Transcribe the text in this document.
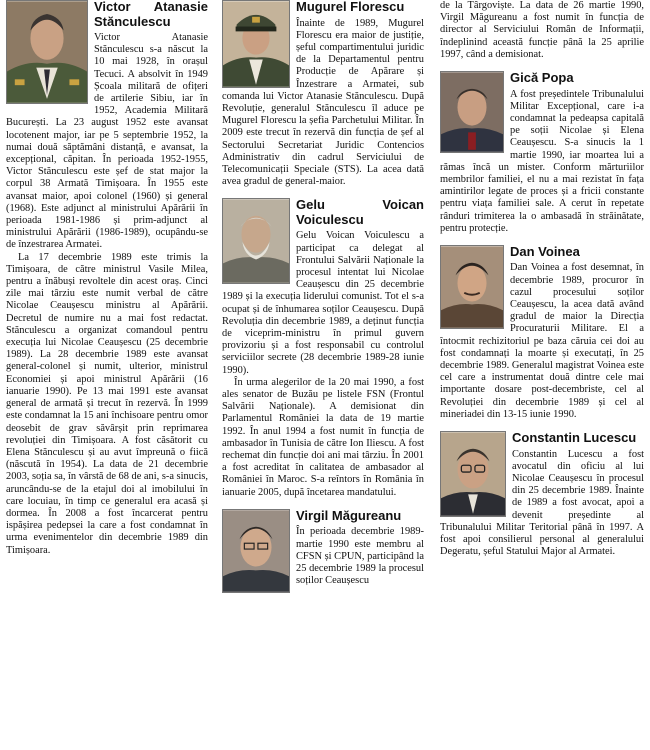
Victor Atanasie Stănculescu

Victor Atanasie Stănculescu s-a născut la 10 mai 1928, în orașul Tecuci. A absolvit în 1949 Școala militară de ofițeri de artilerie Sibiu, iar în 1952, Academia Militară București. La 23 august 1952 este avansat locotenent major, iar pe 5 septembrie 1952, la numai două săptămâni distanță, e avansat, la excepțional, căpitan. În perioada 1952-1955, Victor Stănculescu este șef de stat major la corpul 38 Armată Timișoara. În 1955 este avansat maior, apoi colonel (1960) și general (1968). Este adjunct al ministrului Apărării în perioada 1981-1986 și prim-adjunct al ministrului Apărării (1986-1989), ocupându-se de înzestrarea Armatei.

La 17 decembrie 1989 este trimis la Timișoara, de către ministrul Vasile Milea, pentru a înăbuși revoltele din acest oraș. Cinci zile mai târziu este numit verbal de către Nicolae Ceaușescu ministru al Apărării. Decretul de numire nu a mai fost redactat. Stănculescu a organizat comandoul pentru execuția lui Nicolae Ceaușescu (25 decembrie 1989). La 28 decembrie 1989 este avansat general-colonel și numit, ulterior, ministrul Economiei și apoi ministrul Apărării (16 ianuarie 1990). Pe 13 mai 1991 este avansat general de armată și trecut în rezervă. În 1999 este condamnat la 15 ani închisoare pentru omor deosebit de grav săvârșit prin reprimarea revoluției din Timișoara. A fost căsătorit cu Elena Stănculescu și au avut împreună o fiică (născută în 1954). La data de 21 decembrie 2003, soția sa, în vârstă de 68 de ani, s-a sinucis, aruncându-se de la etajul doi al imobilului în care locuiau, în timp ce generalul era acasă și dormea. În 2008 a fost încarcerat pentru ispășirea pedepsei la care a fost condamnat în urma evenimentelor din decembrie 1989 din Timișoara.

Mugurel Florescu

Înainte de 1989, Mugurel Florescu era maior de justiție, șeful compartimentului juridic de la Departamentul pentru Producție de Apărare și Înzestrare a Armatei, sub comanda lui Victor Atanasie Stănculescu. După Revoluție, generalul Stănculescu îl aduce pe Mugurel Florescu la șefia Parchetului Militar. În 2009 este trecut în rezervă din funcția de șef al Sectorului Secretariat Juridic Contencios Administrativ din cadrul Serviciului de Telecomunicații Speciale (STS). La acea dată avea gradul de general-maior.

Gelu Voican Voiculescu

Gelu Voican Voiculescu a participat ca delegat al Frontului Salvării Naționale la procesul intentat lui Nicolae Ceaușescu din 25 decembrie 1989 și la execuția liderului comunist. Tot el s-a ocupat și de înhumarea soților Ceaușescu. După Revoluția din decembrie 1989, a deținut funcția de viceprim-ministru în primul guvern provizoriu și a fost responsabil cu controlul serviciilor secrete (28 decembrie 1989-28 iunie 1990).

În urma alegerilor de la 20 mai 1990, a fost ales senator de Buzău pe listele FSN (Frontul Salvării Naționale). A demisionat din Parlamentul României la data de 19 martie 1992. În anul 1994 a fost numit în funcția de ambasador în Tunisia de către Ion Iliescu. A fost rechemat din funcție doi ani mai târziu. În 2001 a fost acreditat în calitatea de ambasador al României în Maroc. S-a reîntors în România în ianuarie 2005, după încetarea mandatului.

Virgil Măgureanu

În perioada decembrie 1989-martie 1990 este membru al CFSN și CPUN, participând la 25 decembrie 1989 la procesul soților Ceaușescu

de la Târgoviște. La data de 26 martie 1990, Virgil Măgureanu a fost numit în funcția de director al Serviciului Român de Informații, îndeplinind această funcție până la 25 aprilie 1997, când a demisionat.

Gică Popa

A fost președintele Tribunalului Militar Excepțional, care i-a condamnat la pedeapsa capitală pe soții Nicolae și Elena Ceaușescu. S-a sinucis la 1 martie 1990, iar moartea lui a rămas încă un mister. Conform mărturiilor membrilor familiei, el nu a mai rezistat în fața amintirilor legate de proces și a fricii constante pentru viața familiei sale. A cerut în repetate rânduri trimiterea la o ambasadă în străinătate, pentru protecție.

Dan Voinea

Dan Voinea a fost desemnat, în decembrie 1989, procuror în cazul procesului soților Ceaușescu, la acea dată având gradul de maior la Direcția Procuraturii Militare. El a întocmit rechizitoriul pe baza căruia cei doi au fost condamnați la moarte și executați, în 25 decembrie 1989. Generalul magistrat Voinea este cel care a instrumentat două dintre cele mai importante dosare post-decembriste, cel al Revoluției din decembrie 1989 și cel al mineriadei din 13-15 iunie 1990.

Constantin Lucescu

Constantin Lucescu a fost avocatul din oficiu al lui Nicolae Ceaușescu în procesul din 25 decembrie 1989. Înainte de 1989 a fost avocat, apoi a devenit președinte al Tribunalului Militar Teritorial până în 1997. A fost apoi consilierul personal al generalului Degeratu, șeful Statului Major al Armatei.
